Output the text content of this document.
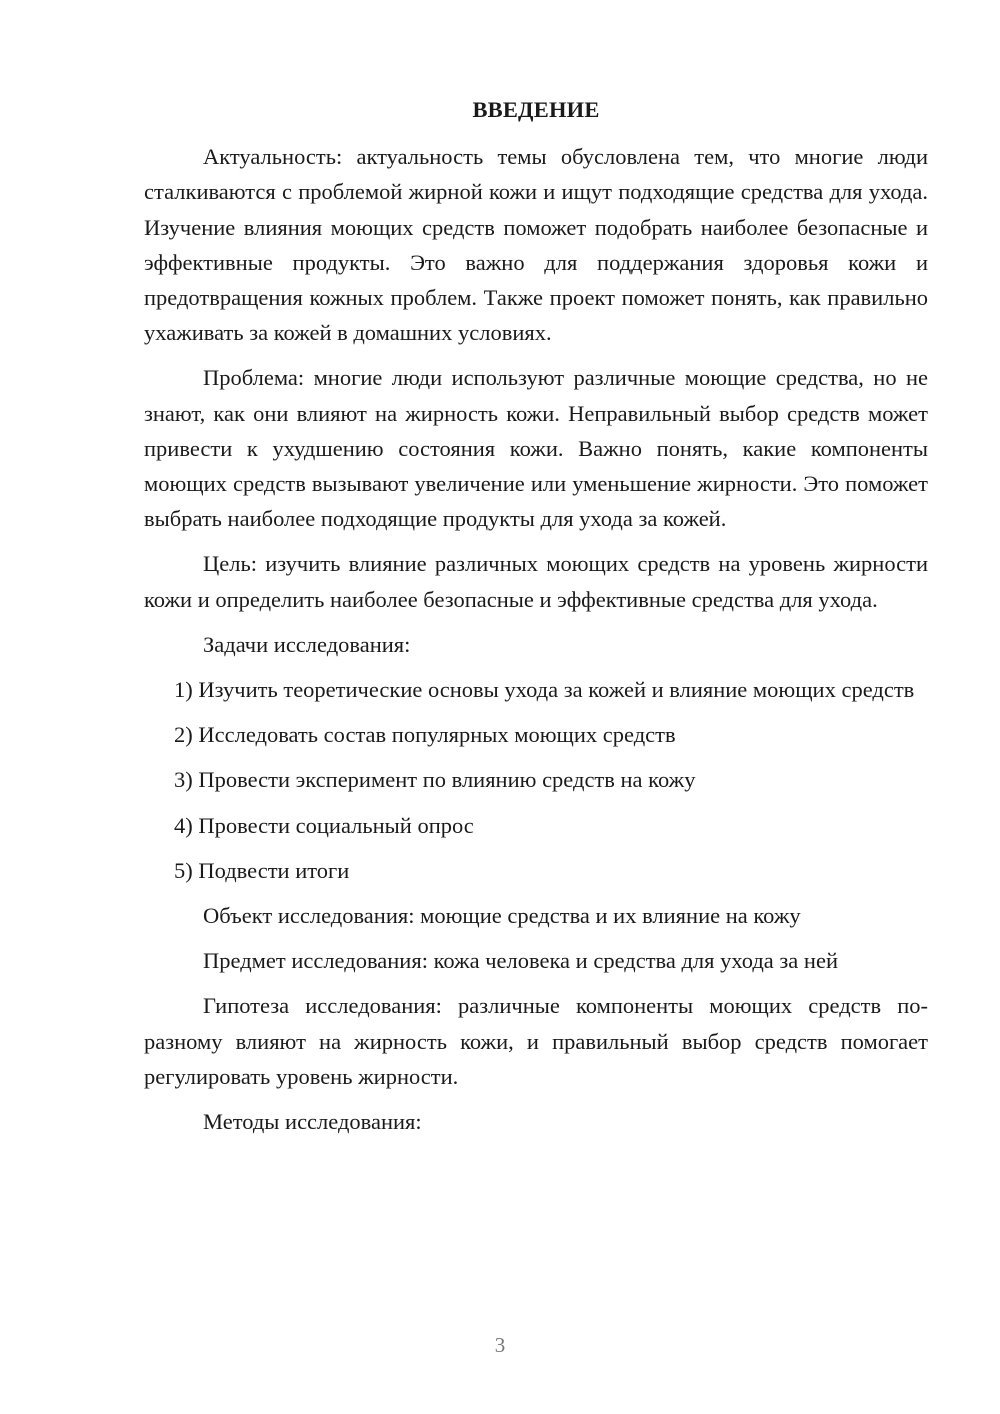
ВВЕДЕНИЕ

Актуальность: актуальность темы обусловлена тем, что многие люди сталкиваются с проблемой жирной кожи и ищут подходящие средства для ухода. Изучение влияния моющих средств поможет подобрать наиболее безопасные и эффективные продукты. Это важно для поддержания здоровья кожи и предотвращения кожных проблем. Также проект поможет понять, как правильно ухаживать за кожей в домашних условиях.

Проблема: многие люди используют различные моющие средства, но не знают, как они влияют на жирность кожи. Неправильный выбор средств может привести к ухудшению состояния кожи. Важно понять, какие компоненты моющих средств вызывают увеличение или уменьшение жирности. Это поможет выбрать наиболее подходящие продукты для ухода за кожей.

Цель: изучить влияние различных моющих средств на уровень жирности кожи и определить наиболее безопасные и эффективные средства для ухода.

Задачи исследования:

1) Изучить теоретические основы ухода за кожей и влияние моющих средств

2) Исследовать состав популярных моющих средств

3) Провести эксперимент по влиянию средств на кожу

4) Провести социальный опрос

5) Подвести итоги

Объект исследования: моющие средства и их влияние на кожу

Предмет исследования: кожа человека и средства для ухода за ней

Гипотеза исследования: различные компоненты моющих средств по-разному влияют на жирность кожи, и правильный выбор средств помогает регулировать уровень жирности.

Методы исследования:

3
